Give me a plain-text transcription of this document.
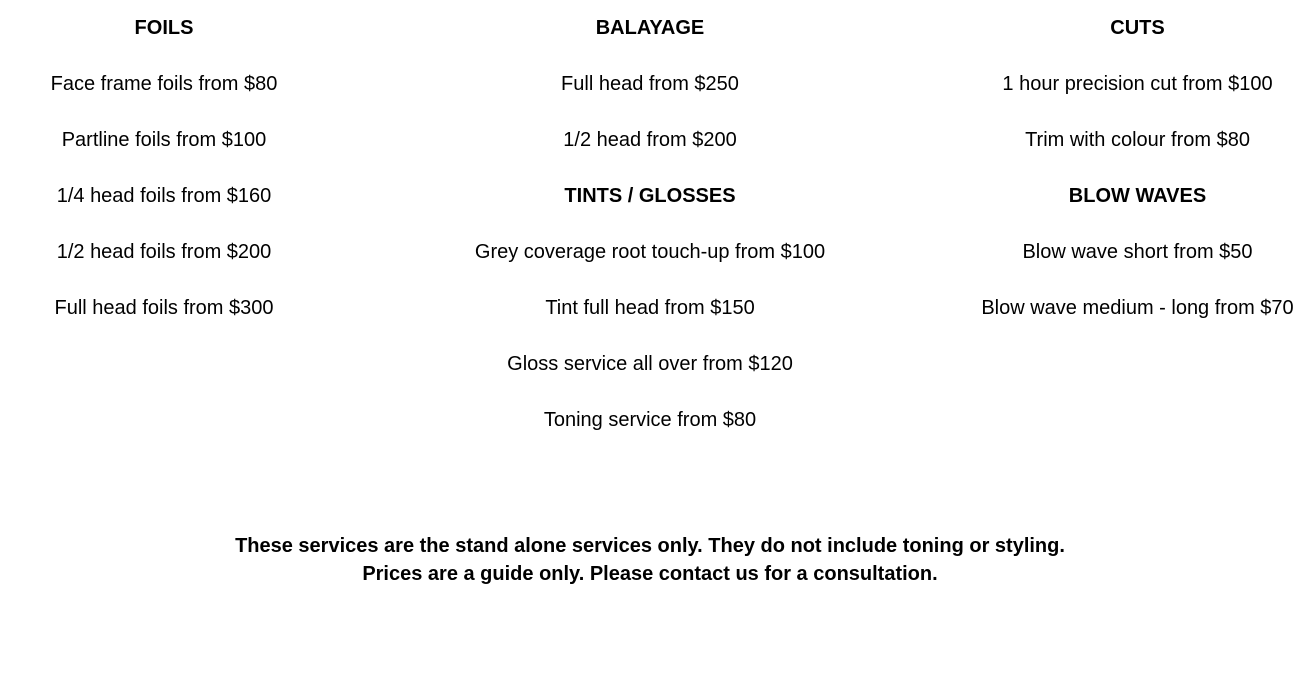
FOILS
Face frame foils from $80
Partline foils from $100
1/4 head foils from $160
1/2 head foils from $200
Full head foils from $300
BALAYAGE
Full head from $250
1/2 head from $200
TINTS / GLOSSES
Grey coverage root touch-up from $100
Tint full head from $150
Gloss service all over from $120
Toning service from $80
CUTS
1 hour precision cut from $100
Trim with colour from $80
BLOW WAVES
Blow wave short from $50
Blow wave medium - long from $70
These services are the stand alone services only. They do not include toning or styling.
Prices are a guide only. Please contact us for a consultation.
